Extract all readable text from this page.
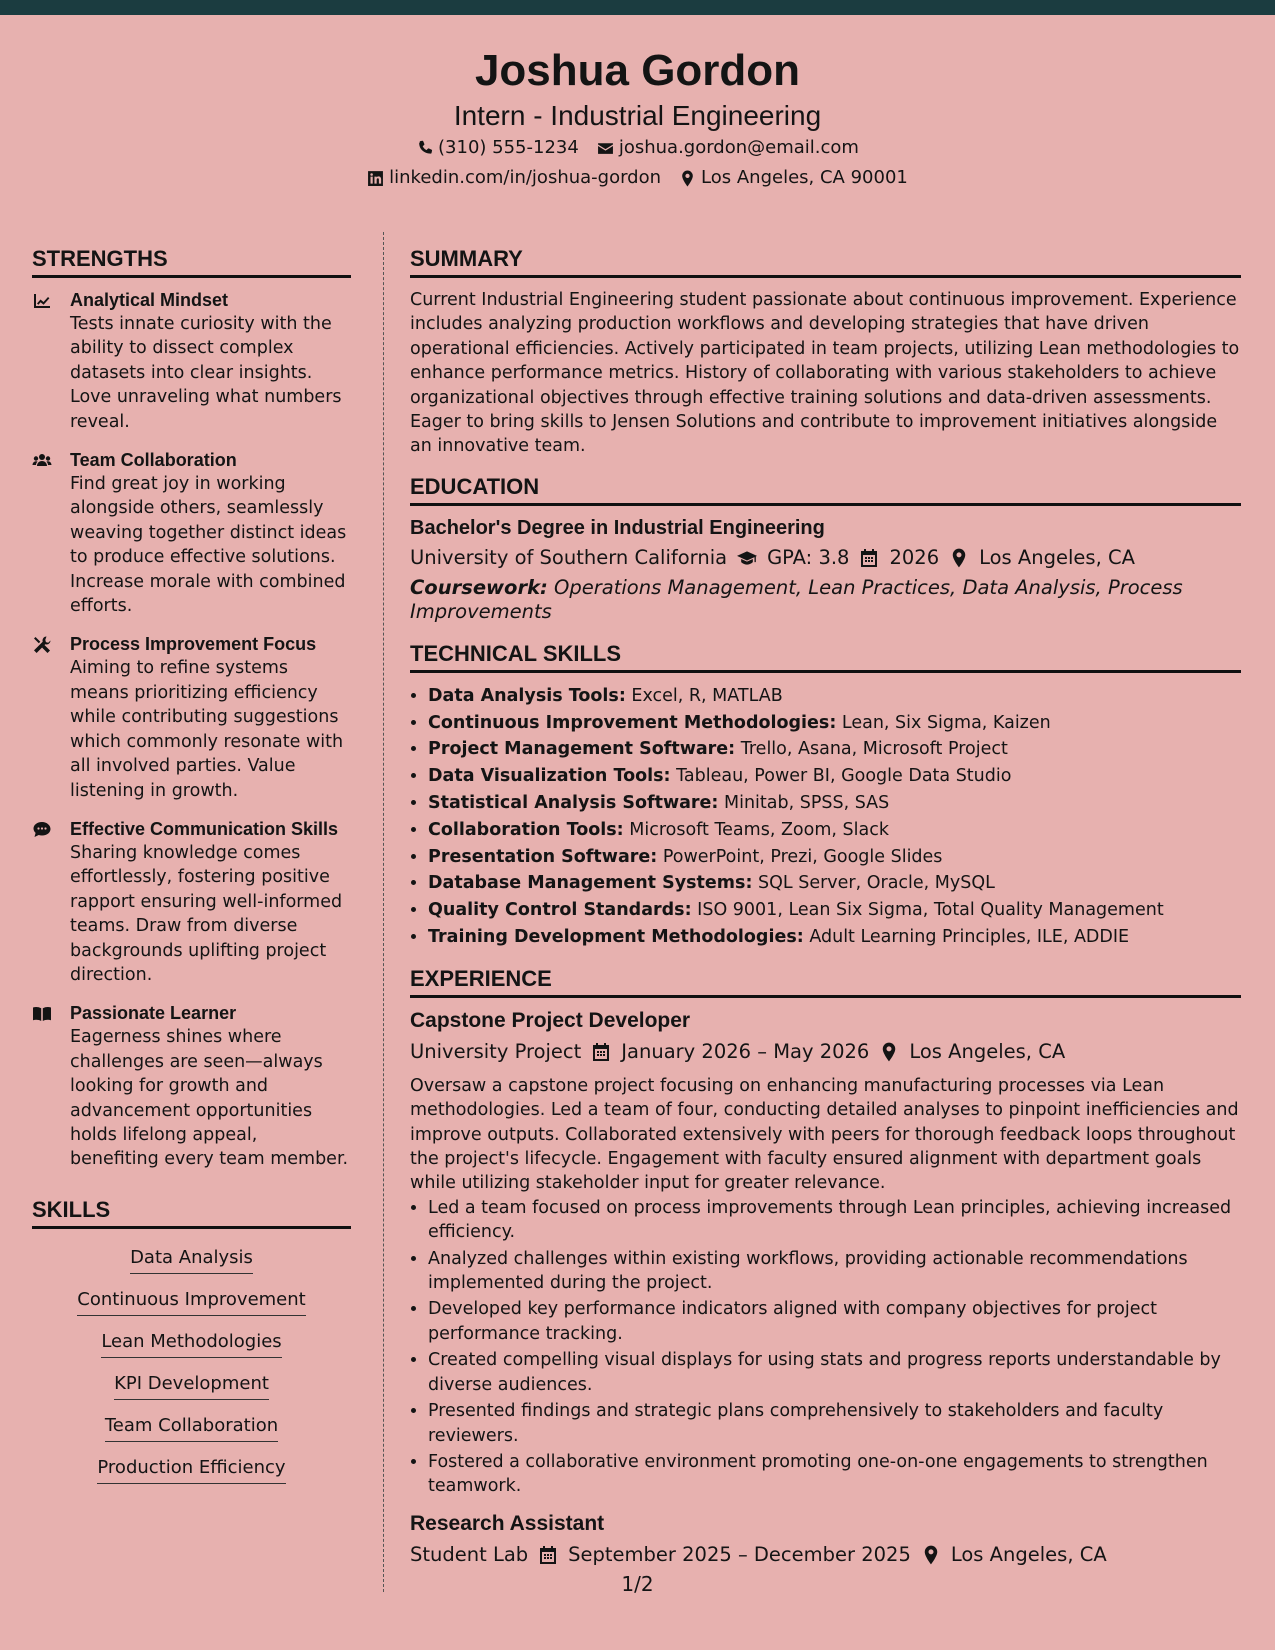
Joshua Gordon
Intern - Industrial Engineering
(310) 555-1234 joshua.gordon@email.com
linkedin.com/in/joshua-gordon Los Angeles, CA 90001
STRENGTHS
Analytical Mindset
Tests innate curiosity with the ability to dissect complex datasets into clear insights. Love unraveling what numbers reveal.
Team Collaboration
Find great joy in working alongside others, seamlessly weaving together distinct ideas to produce effective solutions. Increase morale with combined efforts.
Process Improvement Focus
Aiming to refine systems means prioritizing efficiency while contributing suggestions which commonly resonate with all involved parties. Value listening in growth.
Effective Communication Skills
Sharing knowledge comes effortlessly, fostering positive rapport ensuring well-informed teams. Draw from diverse backgrounds uplifting project direction.
Passionate Learner
Eagerness shines where challenges are seen—always looking for growth and advancement opportunities holds lifelong appeal, benefiting every team member.
SKILLS
Data Analysis
Continuous Improvement
Lean Methodologies
KPI Development
Team Collaboration
Production Efficiency
SUMMARY
Current Industrial Engineering student passionate about continuous improvement. Experience includes analyzing production workflows and developing strategies that have driven operational efficiencies. Actively participated in team projects, utilizing Lean methodologies to enhance performance metrics. History of collaborating with various stakeholders to achieve organizational objectives through effective training solutions and data-driven assessments. Eager to bring skills to Jensen Solutions and contribute to improvement initiatives alongside an innovative team.
EDUCATION
Bachelor's Degree in Industrial Engineering
University of Southern California GPA: 3.8 2026 Los Angeles, CA
Coursework: Operations Management, Lean Practices, Data Analysis, Process Improvements
TECHNICAL SKILLS
• Data Analysis Tools: Excel, R, MATLAB
• Continuous Improvement Methodologies: Lean, Six Sigma, Kaizen
• Project Management Software: Trello, Asana, Microsoft Project
• Data Visualization Tools: Tableau, Power BI, Google Data Studio
• Statistical Analysis Software: Minitab, SPSS, SAS
• Collaboration Tools: Microsoft Teams, Zoom, Slack
• Presentation Software: PowerPoint, Prezi, Google Slides
• Database Management Systems: SQL Server, Oracle, MySQL
• Quality Control Standards: ISO 9001, Lean Six Sigma, Total Quality Management
• Training Development Methodologies: Adult Learning Principles, ILE, ADDIE
EXPERIENCE
Capstone Project Developer
University Project January 2026 – May 2026 Los Angeles, CA
Oversaw a capstone project focusing on enhancing manufacturing processes via Lean methodologies. Led a team of four, conducting detailed analyses to pinpoint inefficiencies and improve outputs. Collaborated extensively with peers for thorough feedback loops throughout the project's lifecycle. Engagement with faculty ensured alignment with department goals while utilizing stakeholder input for greater relevance.
• Led a team focused on process improvements through Lean principles, achieving increased efficiency.
• Analyzed challenges within existing workflows, providing actionable recommendations implemented during the project.
• Developed key performance indicators aligned with company objectives for project performance tracking.
• Created compelling visual displays for using stats and progress reports understandable by diverse audiences.
• Presented findings and strategic plans comprehensively to stakeholders and faculty reviewers.
• Fostered a collaborative environment promoting one-on-one engagements to strengthen teamwork.
Research Assistant
Student Lab September 2025 – December 2025 Los Angeles, CA
1/2
